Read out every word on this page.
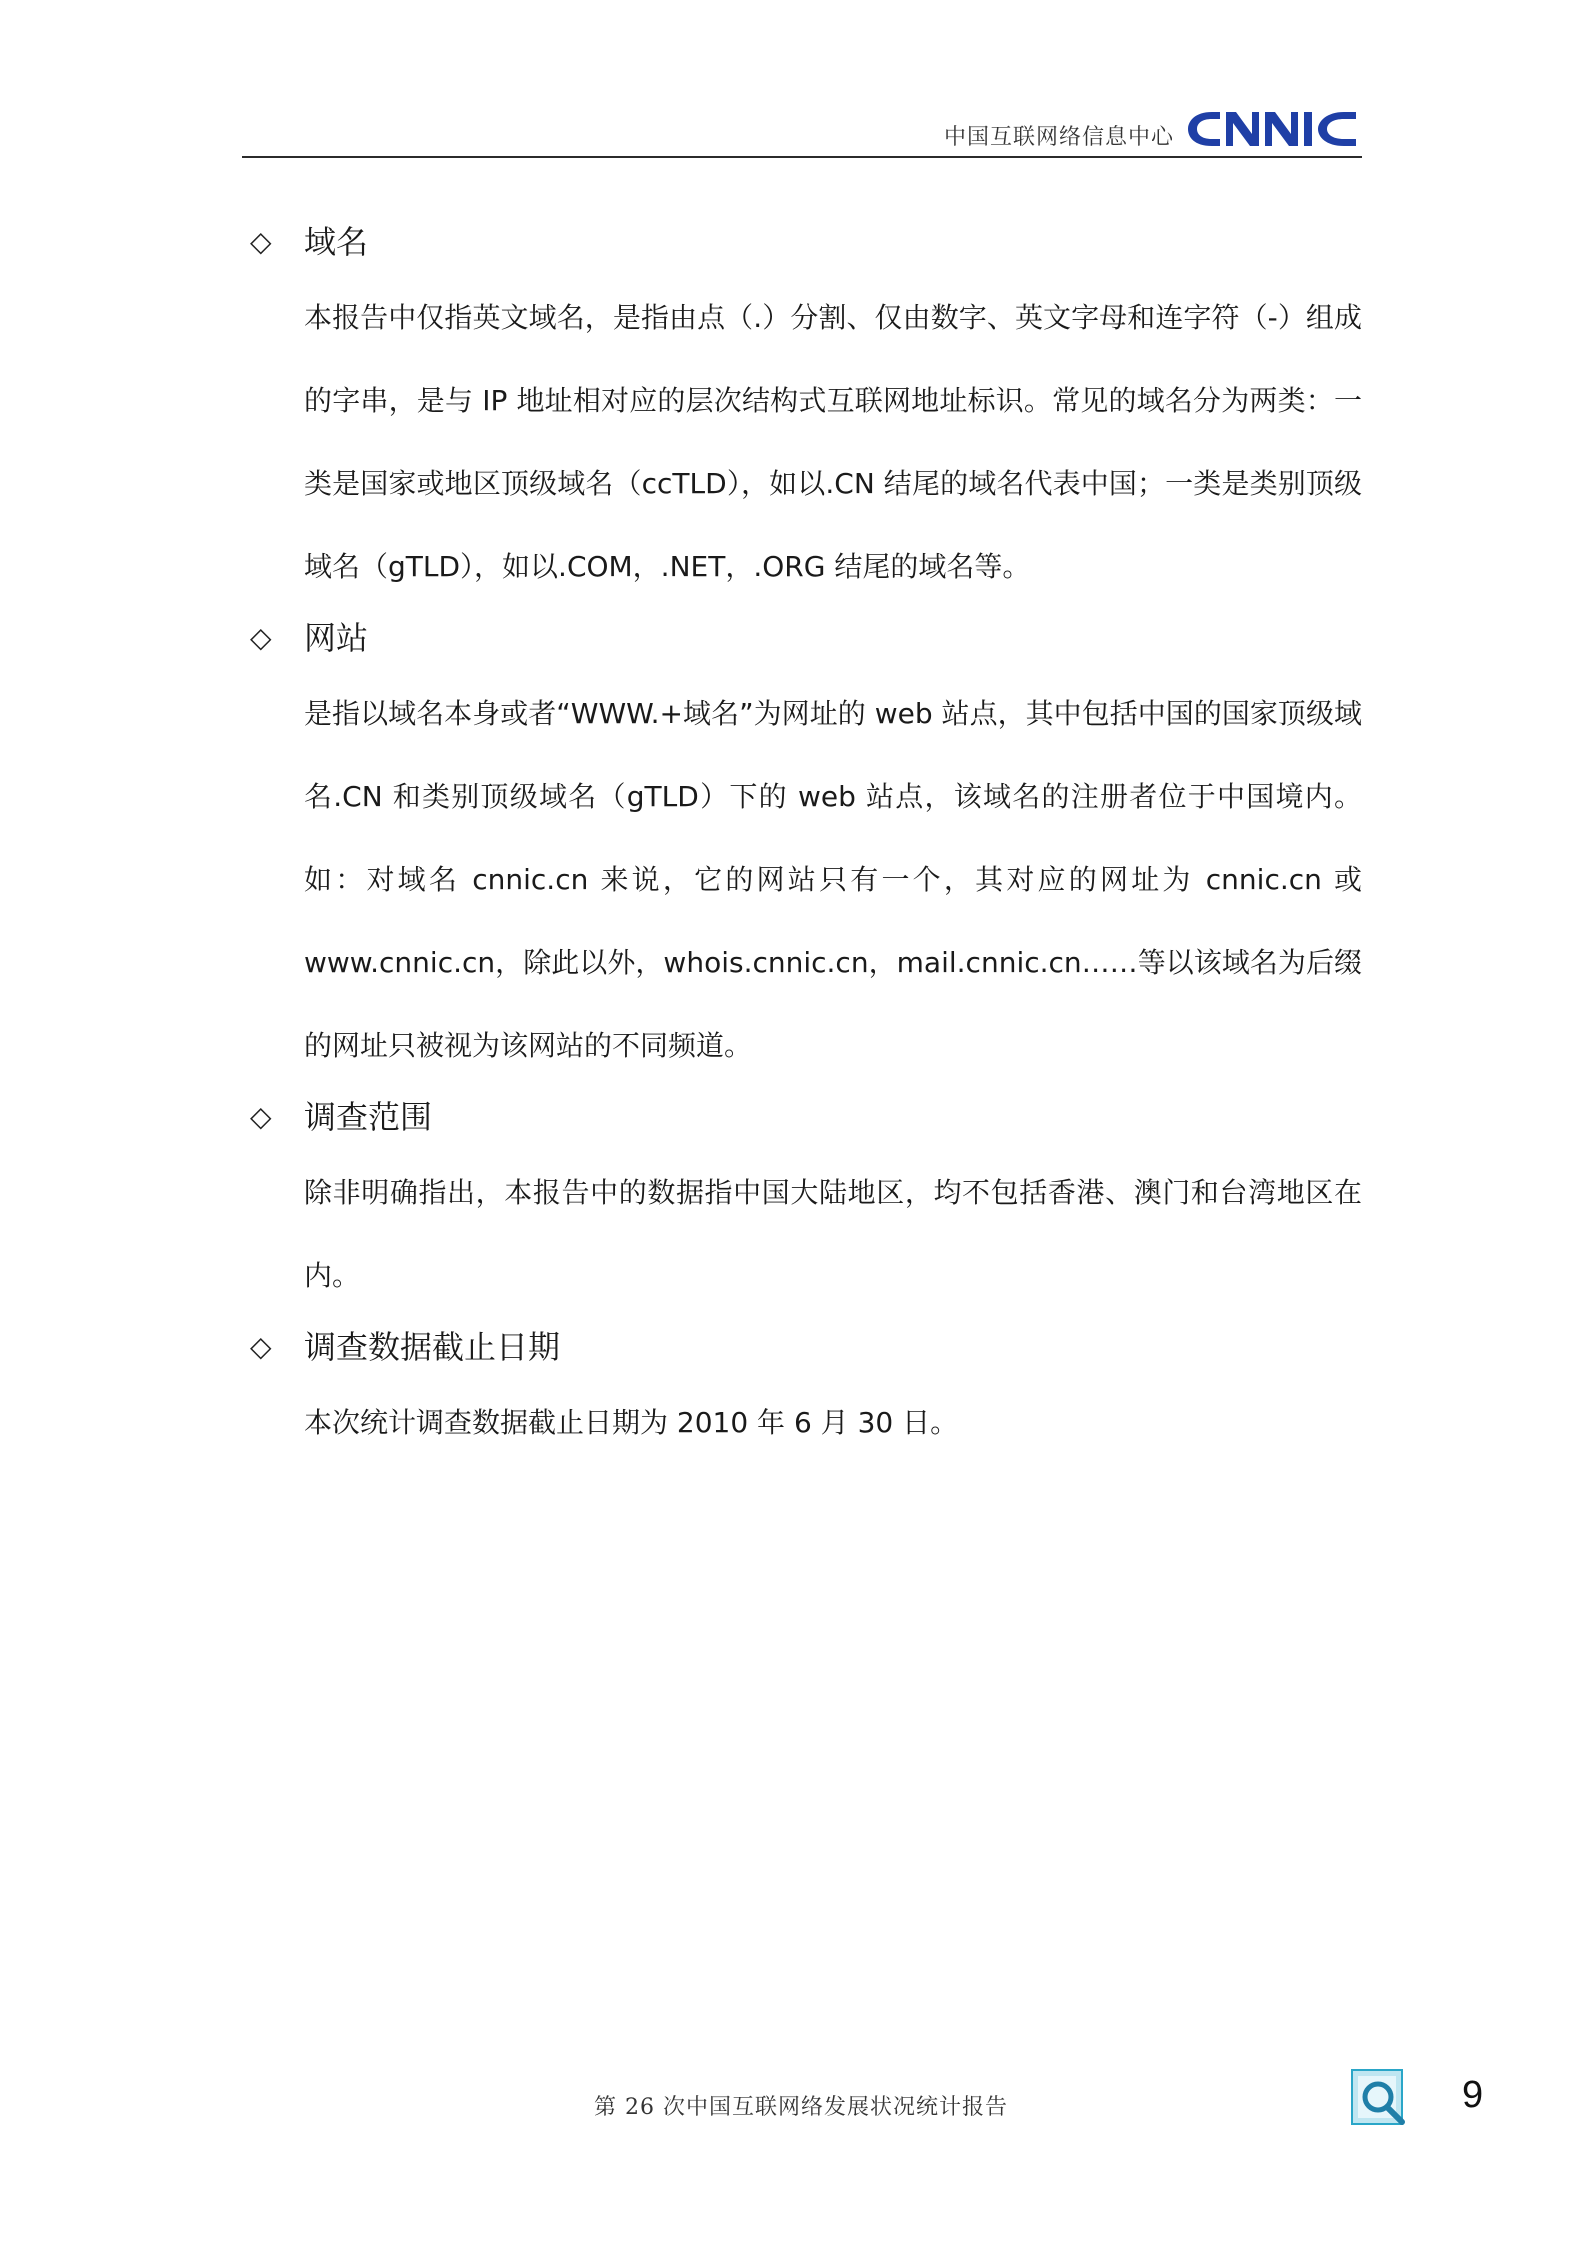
中国互联网络信息中心
◇	域名
本报告中仅指英文域名，是指由点（.）分割、仅由数字、英文字母和连字符（-）组成的字串，是与 IP 地址相对应的层次结构式互联网地址标识。常见的域名分为两类：一类是国家或地区顶级域名（ccTLD），如以.CN 结尾的域名代表中国；一类是类别顶级域名（gTLD），如以.COM，.NET，.ORG 结尾的域名等。
◇	网站
是指以域名本身或者“WWW.+域名”为网址的 web 站点，其中包括中国的国家顶级域名.CN 和类别顶级域名（gTLD）下的 web 站点，该域名的注册者位于中国境内。如：对域名 cnnic.cn 来说，它的网站只有一个，其对应的网址为 cnnic.cn 或 www.cnnic.cn，除此以外，whois.cnnic.cn，mail.cnnic.cn……等以该域名为后缀的网址只被视为该网站的不同频道。
◇	调查范围
除非明确指出，本报告中的数据指中国大陆地区，均不包括香港、澳门和台湾地区在内。
◇	调查数据截止日期
本次统计调查数据截止日期为 2010 年 6 月 30 日。
第 26 次中国互联网络发展状况统计报告	9
